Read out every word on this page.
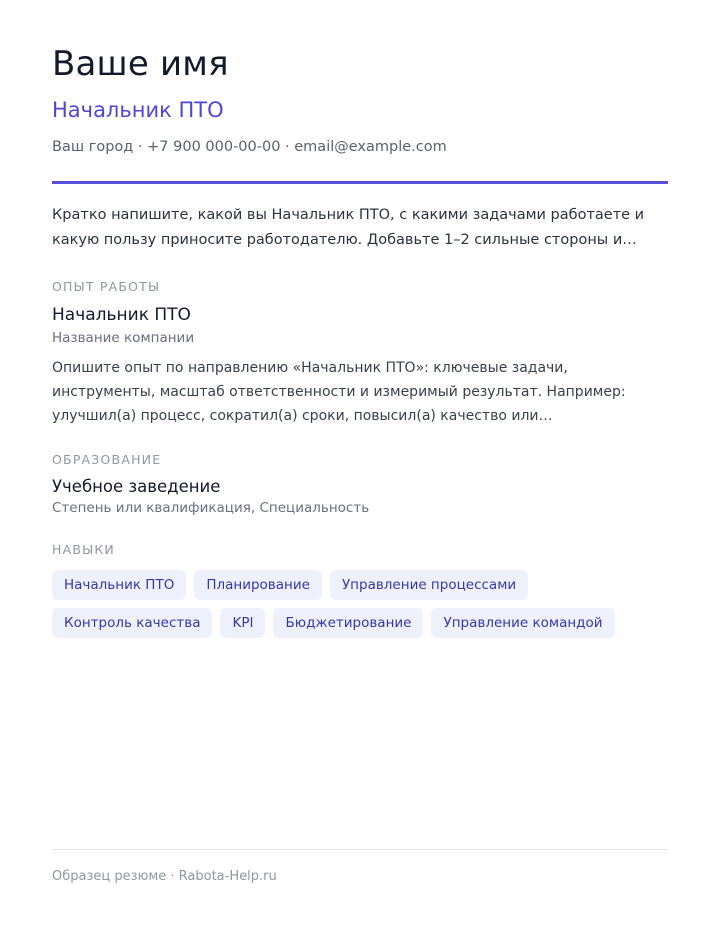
Ваше имя
Начальник ПТО
Ваш город · +7 900 000-00-00 · email@example.com
Кратко напишите, какой вы Начальник ПТО, с какими задачами работаете и какую пользу приносите работодателю. Добавьте 1–2 сильные стороны и…
ОПЫТ РАБОТЫ
Начальник ПТО
Название компании
Опишите опыт по направлению «Начальник ПТО»: ключевые задачи, инструменты, масштаб ответственности и измеримый результат. Например: улучшил(а) процесс, сократил(а) сроки, повысил(а) качество или…
ОБРАЗОВАНИЕ
Учебное заведение
Степень или квалификация, Специальность
НАВЫКИ
Начальник ПТО	Планирование	Управление процессами
Контроль качества	KPI	Бюджетирование	Управление командой
Образец резюме · Rabota-Help.ru
